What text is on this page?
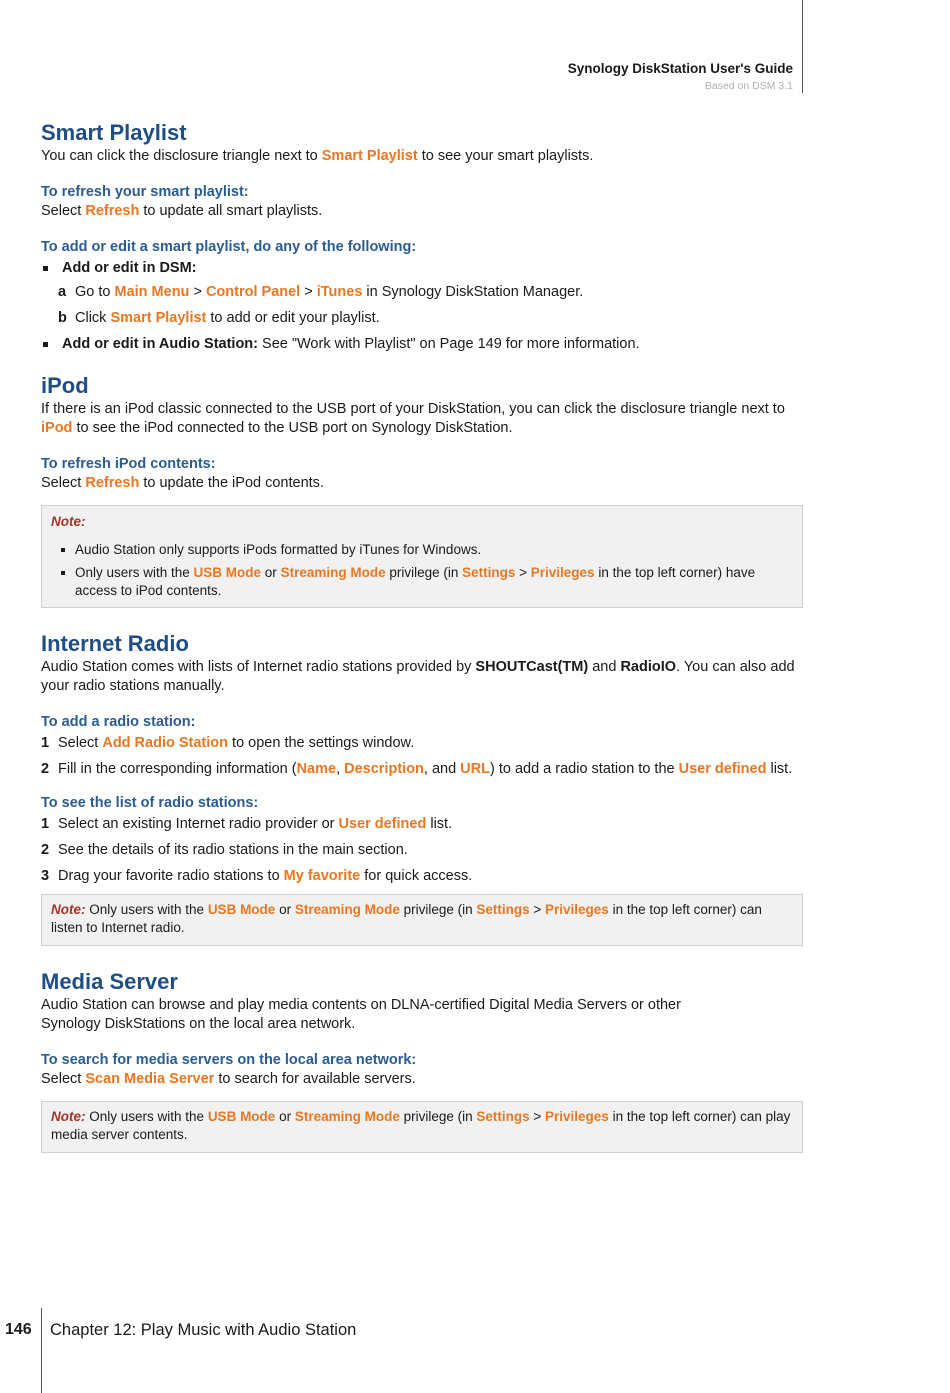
Synology DiskStation User's Guide
Based on DSM 3.1
Smart Playlist

You can click the disclosure triangle next to Smart Playlist to see your smart playlists.

To refresh your smart playlist:

Select Refresh to update all smart playlists.

To add or edit a smart playlist, do any of the following:
Add or edit in DSM:
a Go to Main Menu > Control Panel > iTunes in Synology DiskStation Manager.
b Click Smart Playlist to add or edit your playlist.
Add or edit in Audio Station: See "Work with Playlist" on Page 149 for more information.
iPod

If there is an iPod classic connected to the USB port of your DiskStation, you can click the disclosure triangle next to iPod to see the iPod connected to the USB port on Synology DiskStation.

To refresh iPod contents:

Select Refresh to update the iPod contents.

Note:
Audio Station only supports iPods formatted by iTunes for Windows.
Only users with the USB Mode or Streaming Mode privilege (in Settings > Privileges in the top left corner) have access to iPod contents.
Internet Radio

Audio Station comes with lists of Internet radio stations provided by SHOUTCast(TM) and RadioIO. You can also add your radio stations manually.

To add a radio station:
1 Select Add Radio Station to open the settings window.
2 Fill in the corresponding information (Name, Description, and URL) to add a radio station to the User defined list.
To see the list of radio stations:
1 Select an existing Internet radio provider or User defined list.
2 See the details of its radio stations in the main section.
3 Drag your favorite radio stations to My favorite for quick access.
Note: Only users with the USB Mode or Streaming Mode privilege (in Settings > Privileges in the top left corner) can listen to Internet radio.
Media Server

Audio Station can browse and play media contents on DLNA-certified Digital Media Servers or other Synology DiskStations on the local area network.

To search for media servers on the local area network:

Select Scan Media Server to search for available servers.

Note: Only users with the USB Mode or Streaming Mode privilege (in Settings > Privileges in the top left corner) can play media server contents.
146 Chapter 12: Play Music with Audio Station
